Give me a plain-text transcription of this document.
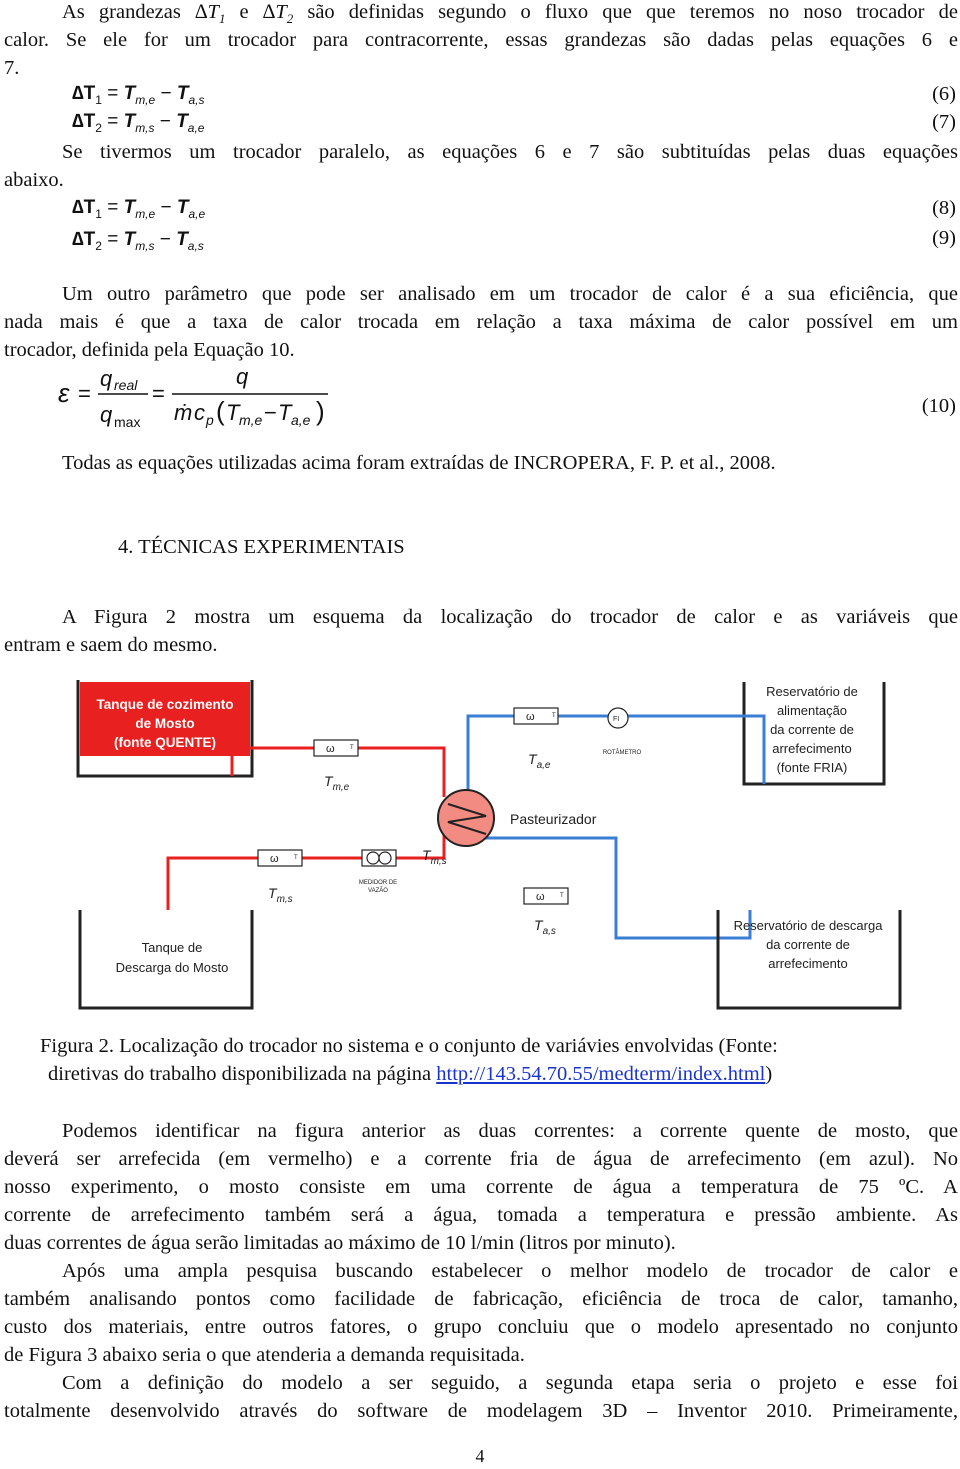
As grandezas $\Delta T_1$ e $\Delta T_2$ são definidas segundo o fluxo que que teremos no noso trocador de
calor. Se ele for um trocador para contracorrente, essas grandezas são dadas pelas equações 6 e
7.
$\Delta T_1 = T_{m,e} - T_{a,s}$	(6)
$\Delta T_2 = T_{m,s} - T_{a,e}$	(7)
Se tivermos um trocador paralelo, as equações 6 e 7 são subtituídas pelas duas equações
abaixo.
$\Delta T_1 = T_{m,e} - T_{a,e}$	(8)
$\Delta T_2 = T_{m,s} - T_{a,s}$	(9)
Um outro parâmetro que pode ser analisado em um trocador de calor é a sua eficiência, que
nada mais é que a taxa de calor trocada em relação a taxa máxima de calor possível em um
trocador, definida pela Equação 10.
ε =
q real
q max
=
q
ṁ c p ( T m,e − T a,e )	(10)
Todas as equações utilizadas acima foram extraídas de INCROPERA, F. P. et al., 2008.
4. TÉCNICAS EXPERIMENTAIS
A Figura 2 mostra um esquema da localização do trocador de calor e as variáveis que
entram e saem do mesmo.
Tanque de cozimento
de Mosto
(fonte QUENTE)
Reservatório de
alimentação
da corrente de
arrefecimento
(fonte FRIA)
ω	T
$T_{m,e}$
ω	T
$T_{a,e}$
FI
ROTÂMETRO
ω	T
$T_{m,s}$
MEDIDOR DE
VAZÃO
$T_{m,s}$
ω	T
$T_{a,s}$
Pasteurizador
Tanque de
Descarga do Mosto
Reservatório de descarga
da corrente de
arrefecimento
Figura 2. Localização do trocador no sistema e o conjunto de variávies envolvidas (Fonte:
diretivas do trabalho disponibilizada na página http://143.54.70.55/medterm/index.html)
Podemos identificar na figura anterior as duas correntes: a corrente quente de mosto, que
deverá ser arrefecida (em vermelho) e a corrente fria de água de arrefecimento (em azul). No
nosso experimento, o mosto consiste em uma corrente de água a temperatura de 75 ºC. A
corrente de arrefecimento também será a água, tomada a temperatura e pressão ambiente. As
duas correntes de água serão limitadas ao máximo de 10 l/min (litros por minuto).
Após uma ampla pesquisa buscando estabelecer o melhor modelo de trocador de calor e
também analisando pontos como facilidade de fabricação, eficiência de troca de calor, tamanho,
custo dos materiais, entre outros fatores, o grupo concluiu que o modelo apresentado no conjunto
de Figura 3 abaixo seria o que atenderia a demanda requisitada.
Com a definição do modelo a ser seguido, a segunda etapa seria o projeto e esse foi
totalmente desenvolvido através do software de modelagem 3D – Inventor 2010. Primeiramente,
4
